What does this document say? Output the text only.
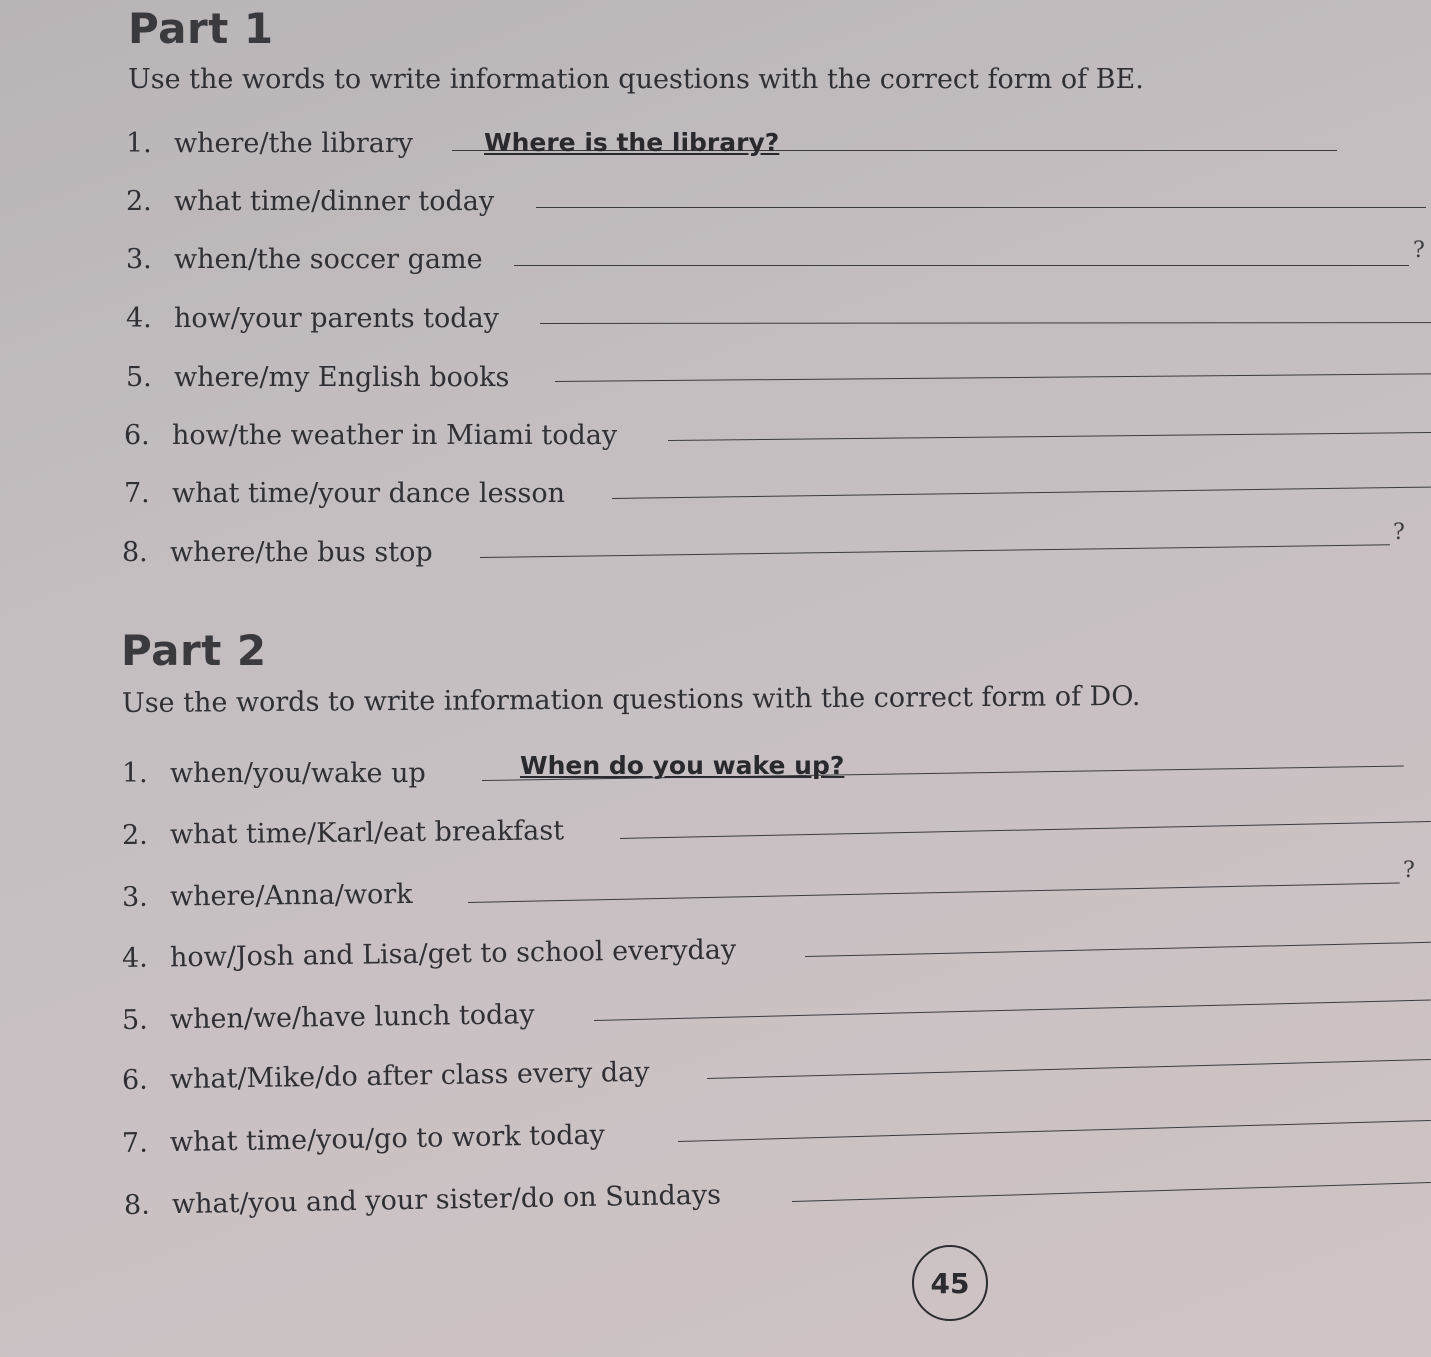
Part 1

Use the words to write information questions with the correct form of BE.

1. where/the library	Where is the library?
2. what time/dinner today
3. when/the soccer game	?
4. how/your parents today
5. where/my English books
6. how/the weather in Miami today
7. what time/your dance lesson
8. where/the bus stop
?
Part 2

Use the words to write information questions with the correct form of DO.

1. when/you/wake up	When do you wake up?
2. what time/Karl/eat breakfast
3. where/Anna/work
?
4. how/Josh and Lisa/get to school everyday
5. when/we/have lunch today
6. what/Mike/do after class every day
7. what time/you/go to work today
8. what/you and your sister/do on Sundays
45
